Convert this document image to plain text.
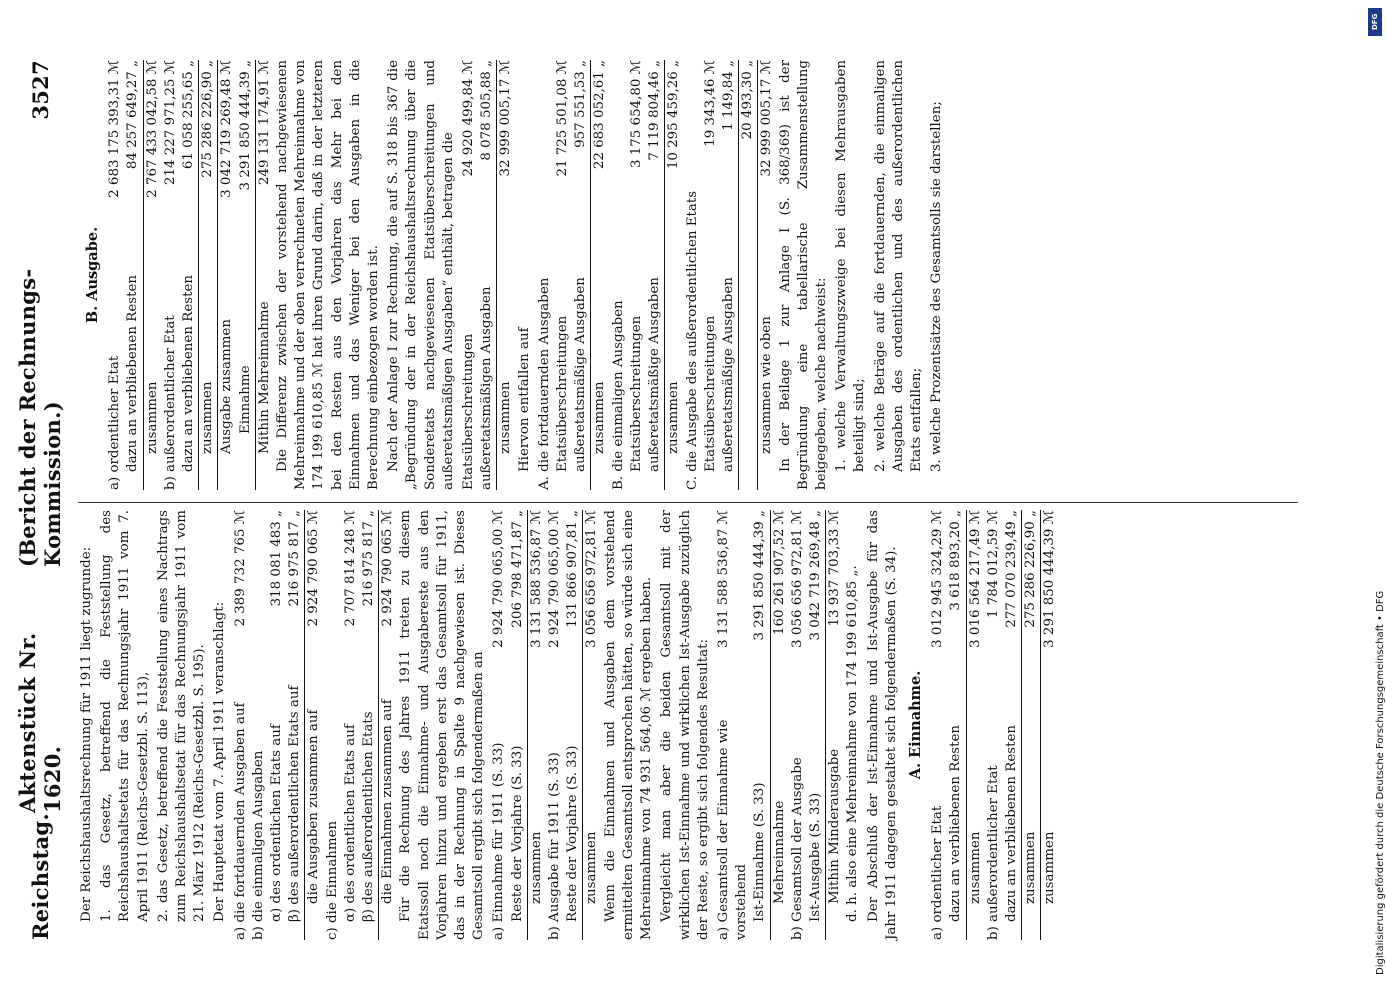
Reichstag.
Aktenstück Nr. 1620.
(Bericht der Rechnungs-Kommission.)
3527

Der Reichshaushaltsrechnung für 1911 liegt zugrunde: 1. das Gesetz, betreffend die Feststellung des Reichshaushaltsetats für das Rechnungsjahr 1911 vom 7. April 1911 (Reichs-Gesetzbl. S. 113), 2. das Gesetz, betreffend die Feststellung eines Nachtrags zum Reichshaushaltsetat für das Rechnungsjahr 1911 vom 21. März 1912 (Reichs-Gesetzbl. S. 195). Der Hauptetat vom 7. April 1911 veranschlagt: a) die fortdauernden Ausgaben auf
2 389 732 765 ℳ
b) die einmaligen Ausgaben α) des ordentlichen Etats auf
318 081 483 „
β) des außerordentlichen Etats auf
216 975 817 „
die Ausgaben zusammen auf
2 924 790 065 ℳ
c) die Einnahmen α) des ordentlichen Etats auf
2 707 814 248 ℳ
β) des außerordentlichen Etats
216 975 817 „
die Einnahmen zusammen auf
2 924 790 065 ℳ Für die Rechnung des Jahres 1911 treten zu diesem Etatssoll noch die Einnahme- und Ausgabereste aus den Vorjahren hinzu und ergeben erst das Gesamtsoll für 1911, das in der Rechnung in Spalte 9 nachgewiesen ist. Dieses Gesamtsoll ergibt sich folgendermaßen an a) Einnahme für 1911 (S. 33)
2 924 790 065,00 ℳ
Reste der Vorjahre (S. 33)
206 798 471,87 „
zusammen
3 131 588 536,87 ℳ
b) Ausgabe für 1911 (S. 33)
2 924 790 065,00 ℳ
Reste der Vorjahre (S. 33)
131 866 907,81 „
zusammen
3 056 656 972,81 ℳ Wenn die Einnahmen und Ausgaben dem vorstehend ermittelten Gesamtsoll entsprochen hätten, so würde sich eine Mehreinnahme von 74 931 564,06 ℳ ergeben haben. Vergleicht man aber die beiden Gesamtsoll mit der wirklichen Ist-Einnahme und wirklichen Ist-Ausgabe zuzüglich der Reste, so ergibt sich folgendes Resultat: a) Gesamtsoll der Einnahme wie vorstehend
3 131 588 536,87 ℳ
Ist-Einnahme (S. 33)
3 291 850 444,39 „
Mehreinnahme
160 261 907,52 ℳ
b) Gesamtsoll der Ausgabe
3 056 656 972,81 ℳ
Ist-Ausgabe (S. 33)
3 042 719 269,48 „
Mithin Minderausgabe
13 937 703,33 ℳ d. h. also eine Mehreinnahme von 174 199 610,85 „. Der Abschluß der Ist-Einnahme und Ist-Ausgabe für das Jahr 1911 dagegen gestaltet sich folgendermaßen (S. 34). A. Einnahme.
a) ordentlicher Etat
3 012 945 324,29 ℳ
dazu an verbliebenen Resten
3 618 893,20 „
zusammen
3 016 564 217,49 ℳ
b) außerordentlicher Etat
1 784 012,59 ℳ
dazu an verbliebenen Resten
277 070 239,49 „
zusammen
275 286 226,90 „
zusammen
3 291 850 444,39 ℳ
B. Ausgabe.
a) ordentlicher Etat
2 683 175 393,31 ℳ
dazu an verbliebenen Resten
84 257 649,27 „
zusammen
2 767 433 042,58 ℳ
b) außerordentlicher Etat
214 227 971,25 ℳ
dazu an verbliebenen Resten
61 058 255,65 „
zusammen
275 286 226,90 „
Ausgabe zusammen
3 042 719 269,48 ℳ
Einnahme
3 291 850 444,39 „
Mithin Mehreinnahme
249 131 174,91 ℳ Die Differenz zwischen der vorstehend nachgewiesenen Mehreinnahme und der oben verrechneten Mehreinnahme von 174 199 610,85 ℳ hat ihren Grund darin, daß in der letzteren bei den Resten aus den Vorjahren das Mehr bei den Einnahmen und das Weniger bei den Ausgaben in die Berechnung einbezogen worden ist. Nach der Anlage I zur Rechnung, die auf S. 318 bis 367 die „Begründung der in der Reichshaushaltsrechnung über die Sonderetats nachgewiesenen Etatsüberschreitungen und außeretatsmäßigen Ausgaben“ enthält, betragen die Etatsüberschreitungen
24 920 499,84 ℳ
außeretatsmäßigen Ausgaben
8 078 505,88 „
zusammen
32 999 005,17 ℳ

Hiervon entfallen auf A. die fortdauernden Ausgaben Etatsüberschreitungen
21 725 501,08 ℳ
außeretatsmäßige Ausgaben
957 551,53 „
zusammen
22 683 052,61 „
B. die einmaligen Ausgaben Etatsüberschreitungen
3 175 654,80 ℳ
außeretatsmäßige Ausgaben
7 119 804,46 „
zusammen
10 295 459,26 „
C. die Ausgabe des außerordentlichen Etats Etatsüberschreitungen
19 343,46 ℳ
außeretatsmäßige Ausgaben
1 149,84 „ 20 493,30 „
zusammen wie oben
32 999 005,17 ℳ In der Beilage 1 zur Anlage I (S. 368/369) ist der Begründung eine tabellarische Zusammenstellung beigegeben, welche nachweist: 1. welche Verwaltungszweige bei diesen Mehrausgaben beteiligt sind; 2. welche Beträge auf die fortdauernden, die einmaligen Ausgaben des ordentlichen und des außerordentlichen Etats entfallen; 3. welche Prozentsätze des Gesamtsolls sie darstellen;

Digitalisierung gefördert durch die Deutsche Forschungsgemeinschaft • DFG
DFG
